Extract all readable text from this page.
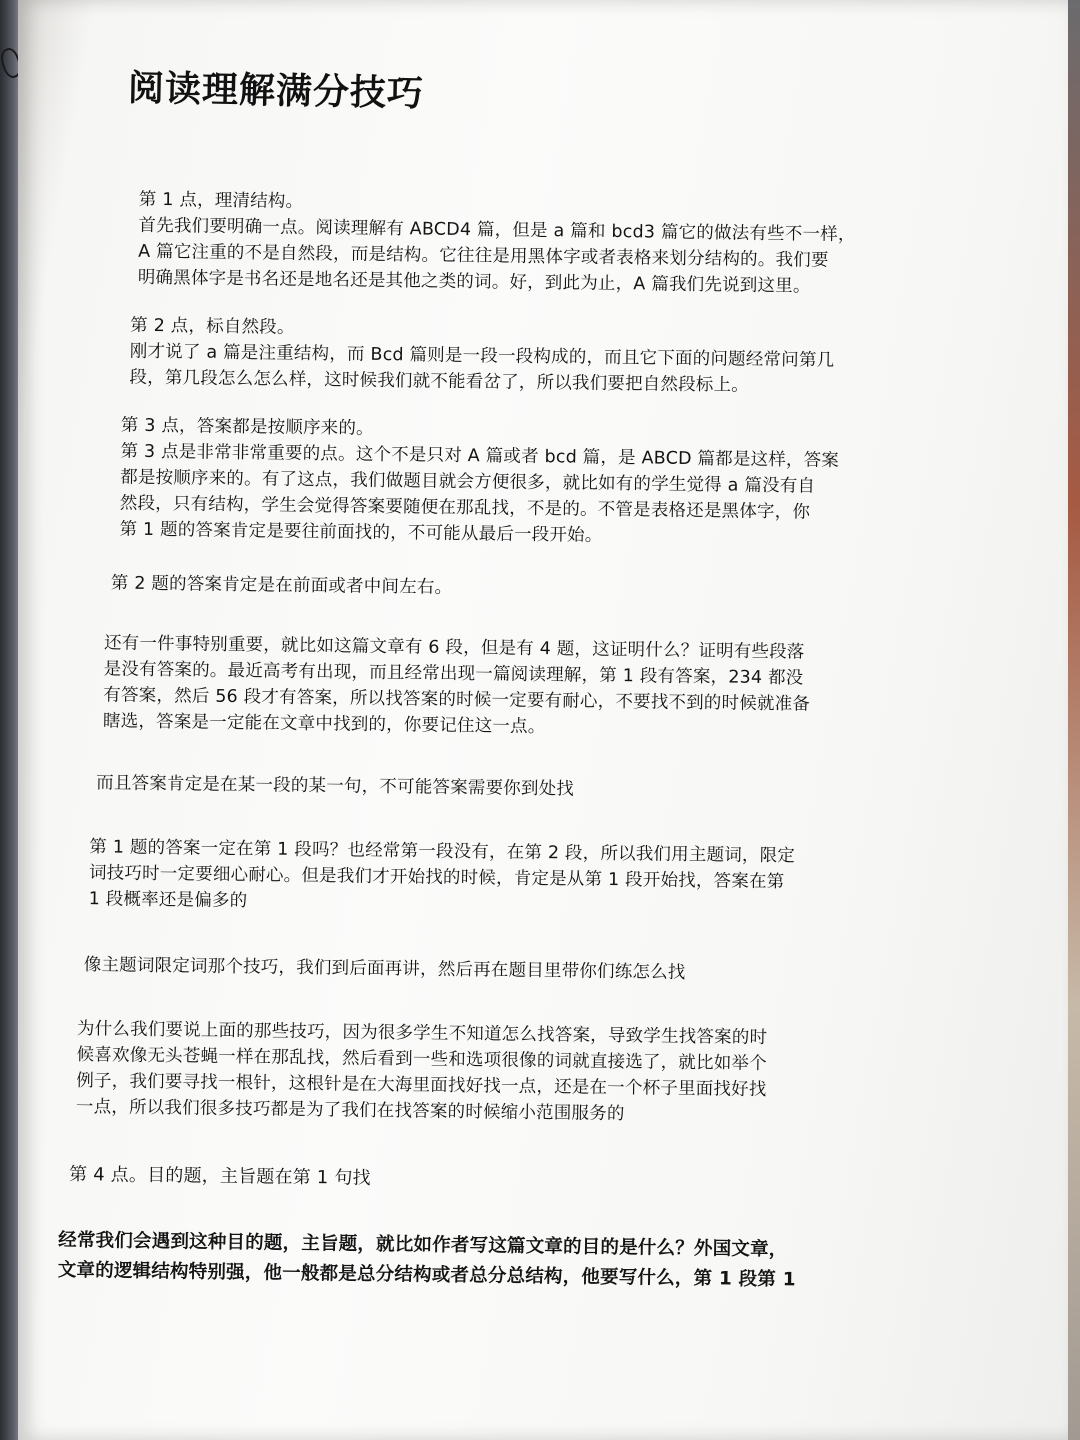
阅读理解满分技巧
第 1 点，理清结构。
首先我们要明确一点。阅读理解有 ABCD4 篇，但是 a 篇和 bcd3 篇它的做法有些不一样，
A 篇它注重的不是自然段，而是结构。它往往是用黑体字或者表格来划分结构的。我们要
明确黑体字是书名还是地名还是其他之类的词。好，到此为止，A 篇我们先说到这里。
第 2 点，标自然段。
刚才说了 a 篇是注重结构，而 Bcd 篇则是一段一段构成的，而且它下面的问题经常问第几
段，第几段怎么怎么样，这时候我们就不能看岔了，所以我们要把自然段标上。
第 3 点，答案都是按顺序来的。
第 3 点是非常非常重要的点。这个不是只对 A 篇或者 bcd 篇，是 ABCD 篇都是这样，答案
都是按顺序来的。有了这点，我们做题目就会方便很多，就比如有的学生觉得 a 篇没有自
然段，只有结构，学生会觉得答案要随便在那乱找，不是的。不管是表格还是黑体字，你
第 1 题的答案肯定是要往前面找的，不可能从最后一段开始。
第 2 题的答案肯定是在前面或者中间左右。
还有一件事特别重要，就比如这篇文章有 6 段，但是有 4 题，这证明什么？证明有些段落
是没有答案的。最近高考有出现，而且经常出现一篇阅读理解，第 1 段有答案，234 都没
有答案，然后 56 段才有答案，所以找答案的时候一定要有耐心，不要找不到的时候就准备
瞎选，答案是一定能在文章中找到的，你要记住这一点。
而且答案肯定是在某一段的某一句，不可能答案需要你到处找
第 1 题的答案一定在第 1 段吗？也经常第一段没有，在第 2 段，所以我们用主题词，限定
词技巧时一定要细心耐心。但是我们才开始找的时候，肯定是从第 1 段开始找，答案在第
1 段概率还是偏多的
像主题词限定词那个技巧，我们到后面再讲，然后再在题目里带你们练怎么找
为什么我们要说上面的那些技巧，因为很多学生不知道怎么找答案，导致学生找答案的时
候喜欢像无头苍蝇一样在那乱找，然后看到一些和选项很像的词就直接选了，就比如举个
例子，我们要寻找一根针，这根针是在大海里面找好找一点，还是在一个杯子里面找好找
一点，所以我们很多技巧都是为了我们在找答案的时候缩小范围服务的
第 4 点。目的题，主旨题在第 1 句找
经常我们会遇到这种目的题，主旨题，就比如作者写这篇文章的目的是什么？外国文章，
文章的逻辑结构特别强，他一般都是总分结构或者总分总结构，他要写什么，第 1 段第 1
